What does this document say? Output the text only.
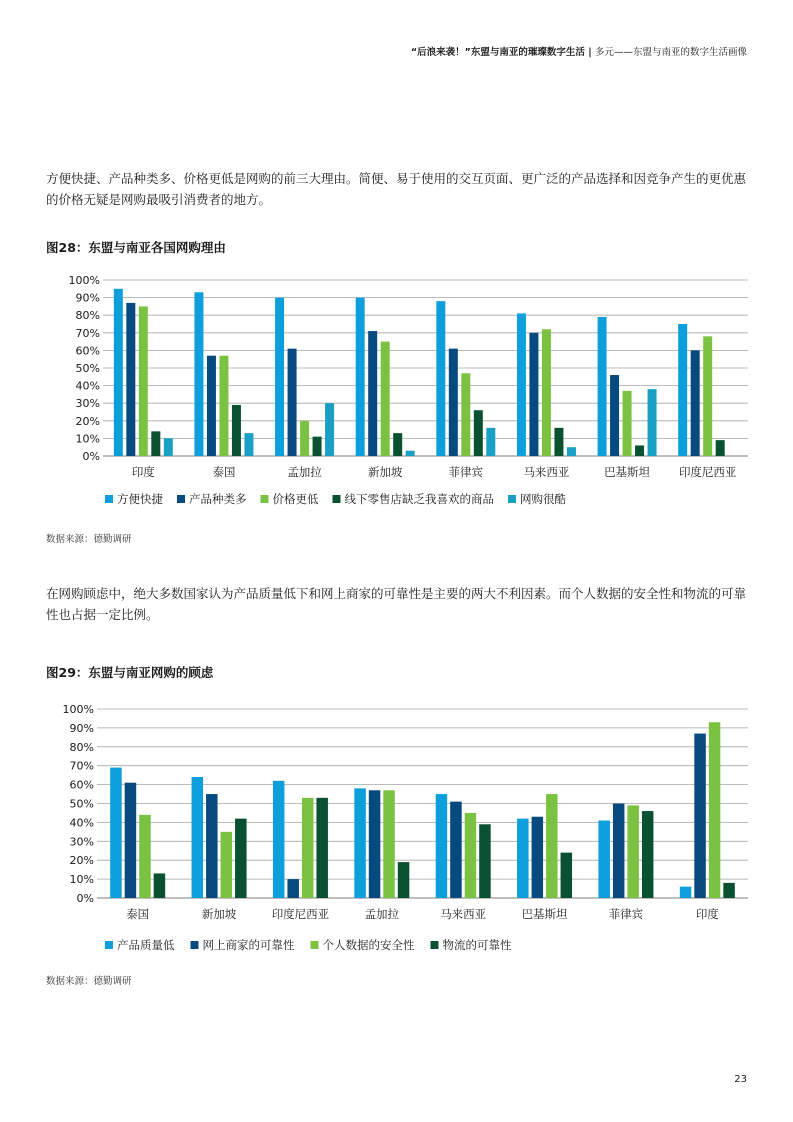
“后浪来袭！”东盟与南亚的璀璨数字生活 | 多元——东盟与南亚的数字生活画像

方便快捷、产品种类多、价格更低是网购的前三大理由。简便、易于使用的交互页面、更广泛的产品选择和因竞争产生的更优惠的价格无疑是网购最吸引消费者的地方。

图28：东盟与南亚各国网购理由

0%
10%
20%
30%
40%
50%
60%
70%
80%
90%
100%
印度	泰国	孟加拉	新加坡	菲律宾	马来西亚	巴基斯坦	印度尼西亚
方便快捷 产品种类多 价格更低 线下零售店缺乏我喜欢的商品 网购很酷

数据来源：德勤调研

在网购顾虑中，绝大多数国家认为产品质量低下和网上商家的可靠性是主要的两大不利因素。而个人数据的安全性和物流的可靠性也占据一定比例。

图29：东盟与南亚网购的顾虑

0%
10%
20%
30%
40%
50%
60%
70%
80%
90%
100%
泰国	新加坡	印度尼西亚	孟加拉	马来西亚	巴基斯坦	菲律宾	印度
产品质量低 网上商家的可靠性 个人数据的安全性 物流的可靠性

数据来源：德勤调研

23
